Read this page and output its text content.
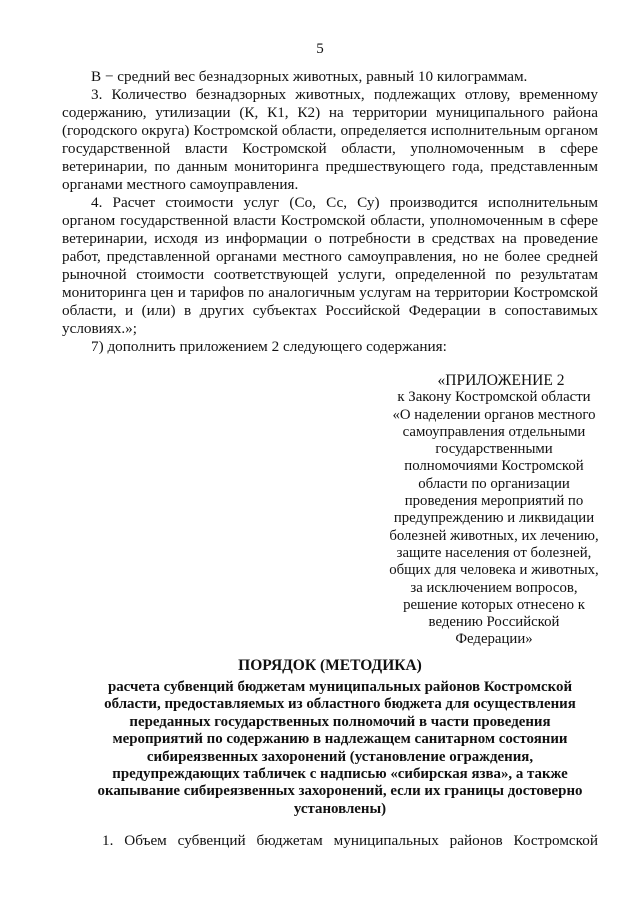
5

В − средний вес безнадзорных животных, равный 10 килограммам.

3. Количество безнадзорных животных, подлежащих отлову, временному содержанию, утилизации (К, К1, К2) на территории муниципального района (городского округа) Костромской области, определяется исполнительным органом государственной власти Костромской области, уполномоченным в сфере ветеринарии, по данным мониторинга предшествующего года, представленным органами местного самоуправления.

4. Расчет стоимости услуг (Со, Сс, Су) производится исполнительным органом государственной власти Костромской области, уполномоченным в сфере ветеринарии, исходя из информации о потребности в средствах на проведение работ, представленной органами местного самоуправления, но не более средней рыночной стоимости соответствующей услуги, определенной по результатам мониторинга цен и тарифов по аналогичным услугам на территории Костромской области, и (или) в других субъектах Российской Федерации в сопоставимых условиях.»;

7) дополнить приложением 2 следующего содержания:

«ПРИЛОЖЕНИЕ 2
к Закону Костромской области
«О наделении органов местного
самоуправления отдельными
государственными
полномочиями Костромской
области по организации
проведения мероприятий по
предупреждению и ликвидации
болезней животных, их лечению,
защите населения от болезней,
общих для человека и животных,
за исключением вопросов,
решение которых отнесено к
ведению Российской
Федерации»
ПОРЯДОК (МЕТОДИКА)
расчета субвенций бюджетам муниципальных районов Костромской
области, предоставляемых из областного бюджета для осуществления
переданных государственных полномочий в части проведения
мероприятий по содержанию в надлежащем санитарном состоянии
сибиреязвенных захоронений (установление ограждения,
предупреждающих табличек с надписью «сибирская язва», а также
окапывание сибиреязвенных захоронений, если их границы достоверно
установлены)

1. Объем субвенций бюджетам муниципальных районов Костромской
